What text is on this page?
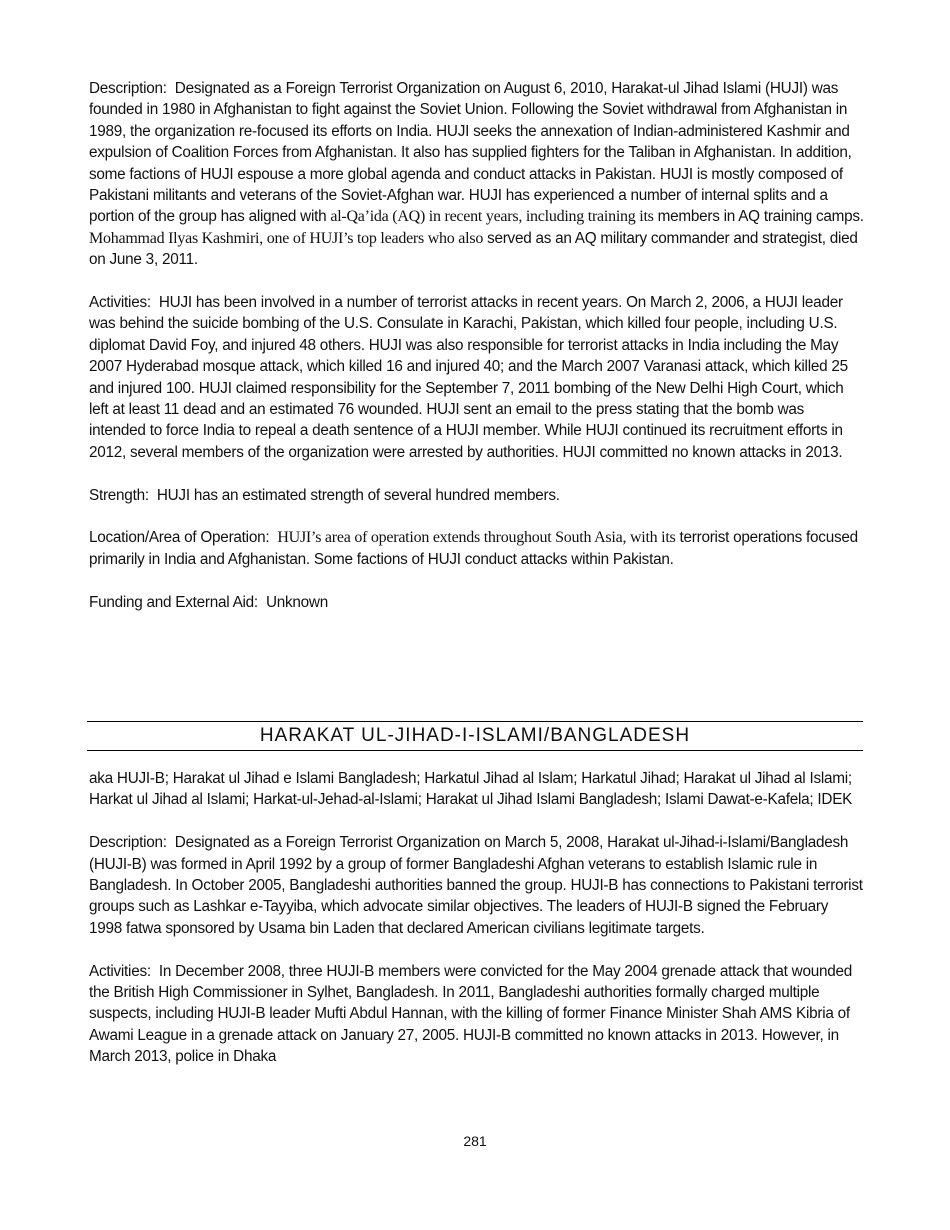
Description: Designated as a Foreign Terrorist Organization on August 6, 2010, Harakat-ul Jihad Islami (HUJI) was founded in 1980 in Afghanistan to fight against the Soviet Union. Following the Soviet withdrawal from Afghanistan in 1989, the organization re-focused its efforts on India. HUJI seeks the annexation of Indian-administered Kashmir and expulsion of Coalition Forces from Afghanistan. It also has supplied fighters for the Taliban in Afghanistan. In addition, some factions of HUJI espouse a more global agenda and conduct attacks in Pakistan. HUJI is mostly composed of Pakistani militants and veterans of the Soviet-Afghan war. HUJI has experienced a number of internal splits and a portion of the group has aligned with al-Qa’ida (AQ) in recent years, including training its members in AQ training camps. Mohammad Ilyas Kashmiri, one of HUJI’s top leaders who also served as an AQ military commander and strategist, died on June 3, 2011.

Activities: HUJI has been involved in a number of terrorist attacks in recent years. On March 2, 2006, a HUJI leader was behind the suicide bombing of the U.S. Consulate in Karachi, Pakistan, which killed four people, including U.S. diplomat David Foy, and injured 48 others. HUJI was also responsible for terrorist attacks in India including the May 2007 Hyderabad mosque attack, which killed 16 and injured 40; and the March 2007 Varanasi attack, which killed 25 and injured 100. HUJI claimed responsibility for the September 7, 2011 bombing of the New Delhi High Court, which left at least 11 dead and an estimated 76 wounded. HUJI sent an email to the press stating that the bomb was intended to force India to repeal a death sentence of a HUJI member. While HUJI continued its recruitment efforts in 2012, several members of the organization were arrested by authorities. HUJI committed no known attacks in 2013.

Strength: HUJI has an estimated strength of several hundred members.

Location/Area of Operation: HUJI’s area of operation extends throughout South Asia, with its terrorist operations focused primarily in India and Afghanistan. Some factions of HUJI conduct attacks within Pakistan.

Funding and External Aid: Unknown

HARAKAT UL-JIHAD-I-ISLAMI/BANGLADESH

aka HUJI-B; Harakat ul Jihad e Islami Bangladesh; Harkatul Jihad al Islam; Harkatul Jihad; Harakat ul Jihad al Islami; Harkat ul Jihad al Islami; Harkat-ul-Jehad-al-Islami; Harakat ul Jihad Islami Bangladesh; Islami Dawat-e-Kafela; IDEK

Description: Designated as a Foreign Terrorist Organization on March 5, 2008, Harakat ul-Jihad-i-Islami/Bangladesh (HUJI-B) was formed in April 1992 by a group of former Bangladeshi Afghan veterans to establish Islamic rule in Bangladesh. In October 2005, Bangladeshi authorities banned the group. HUJI-B has connections to Pakistani terrorist groups such as Lashkar e-Tayyiba, which advocate similar objectives. The leaders of HUJI-B signed the February 1998 fatwa sponsored by Usama bin Laden that declared American civilians legitimate targets.

Activities: In December 2008, three HUJI-B members were convicted for the May 2004 grenade attack that wounded the British High Commissioner in Sylhet, Bangladesh. In 2011, Bangladeshi authorities formally charged multiple suspects, including HUJI-B leader Mufti Abdul Hannan, with the killing of former Finance Minister Shah AMS Kibria of Awami League in a grenade attack on January 27, 2005. HUJI-B committed no known attacks in 2013. However, in March 2013, police in Dhaka

281
